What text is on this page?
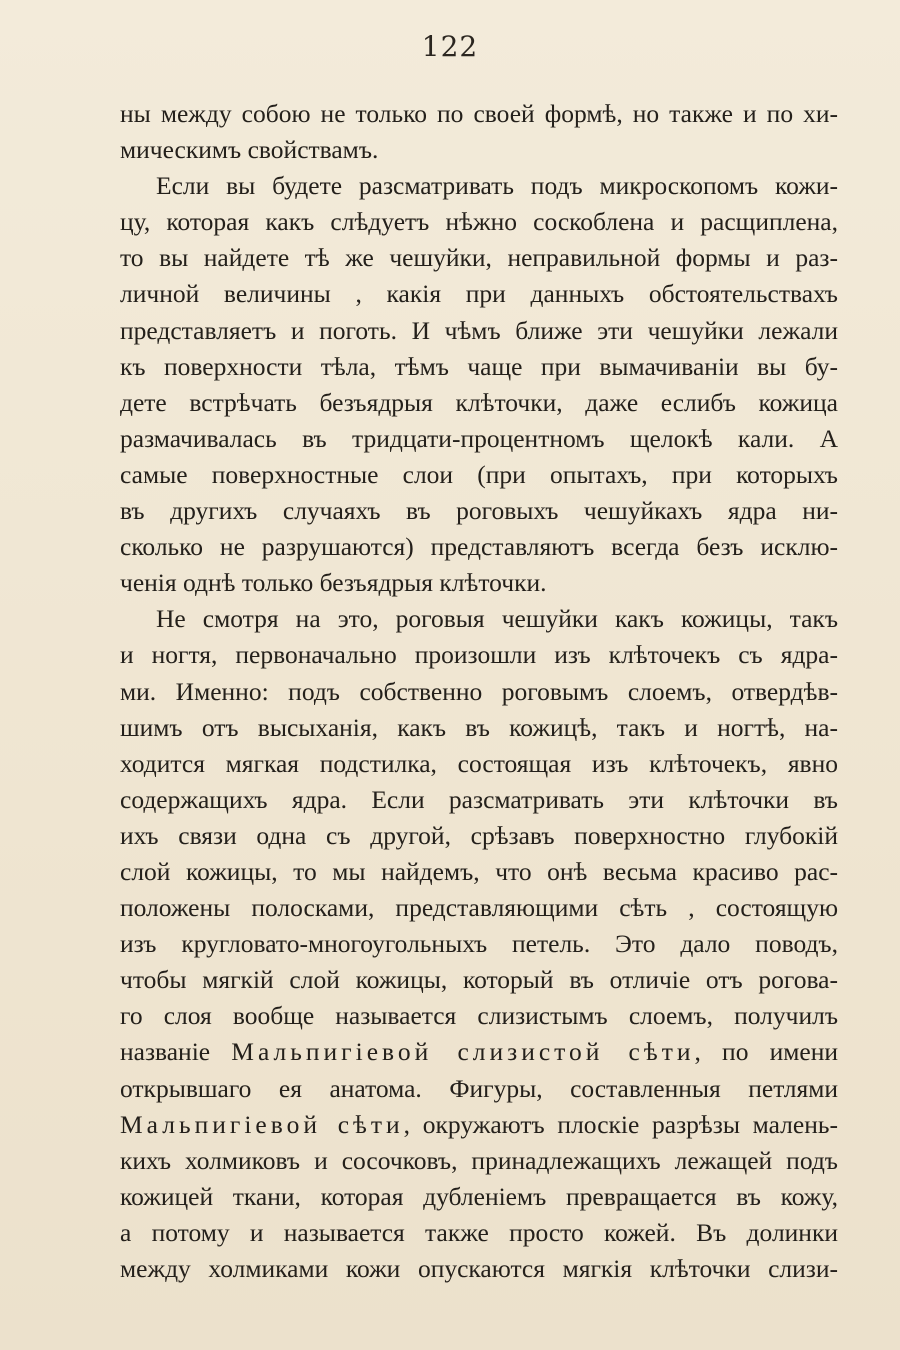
122
ны между собою не только по своей формѣ, но также и по хи-
мическимъ свойствамъ.
Если вы будете разсматривать подъ микроскопомъ кожи-
цу, которая какъ слѣдуетъ нѣжно соскоблена и расщиплена,
то вы найдете тѣ же чешуйки, неправильной формы и раз-
личной величины , какія при данныхъ обстоятельствахъ
представляетъ и поготь. И чѣмъ ближе эти чешуйки лежали
къ поверхности тѣла, тѣмъ чаще при вымачиваніи вы бу-
дете встрѣчать безъядрыя клѣточки, даже еслибъ кожица
размачивалась въ тридцати-процентномъ щелокѣ кали. А
самые поверхностные слои (при опытахъ, при которыхъ
въ другихъ случаяхъ въ роговыхъ чешуйкахъ ядра ни-
сколько не разрушаются) представляютъ всегда безъ исклю-
ченія однѣ только безъядрыя клѣточки.
Не смотря на это, роговыя чешуйки какъ кожицы, такъ
и ногтя, первоначально произошли изъ клѣточекъ съ ядра-
ми. Именно: подъ собственно роговымъ слоемъ, отвердѣв-
шимъ отъ высыханія, какъ въ кожицѣ, такъ и ногтѣ, на-
ходится мягкая подстилка, состоящая изъ клѣточекъ, явно
содержащихъ ядра. Если разсматривать эти клѣточки въ
ихъ связи одна съ другой, срѣзавъ поверхностно глубокій
слой кожицы, то мы найдемъ, что онѣ весьма красиво рас-
положены полосками, представляющими сѣть , состоящую
изъ кругловато-многоугольныхъ петель. Это дало поводъ,
чтобы мягкій слой кожицы, который въ отличіе отъ рогова-
го слоя вообще называется слизистымъ слоемъ, получилъ
названіе Мальпигіевой слизистой сѣти, по имени
открывшаго ея анатома. Фигуры, составленныя петлями
Мальпигіевой сѣти, окружаютъ плоскіе разрѣзы малень-
кихъ холмиковъ и сосочковъ, принадлежащихъ лежащей подъ
кожицей ткани, которая дубленіемъ превращается въ кожу,
а потому и называется также просто кожей. Въ долинки
между холмиками кожи опускаются мягкія клѣточки слизи-
